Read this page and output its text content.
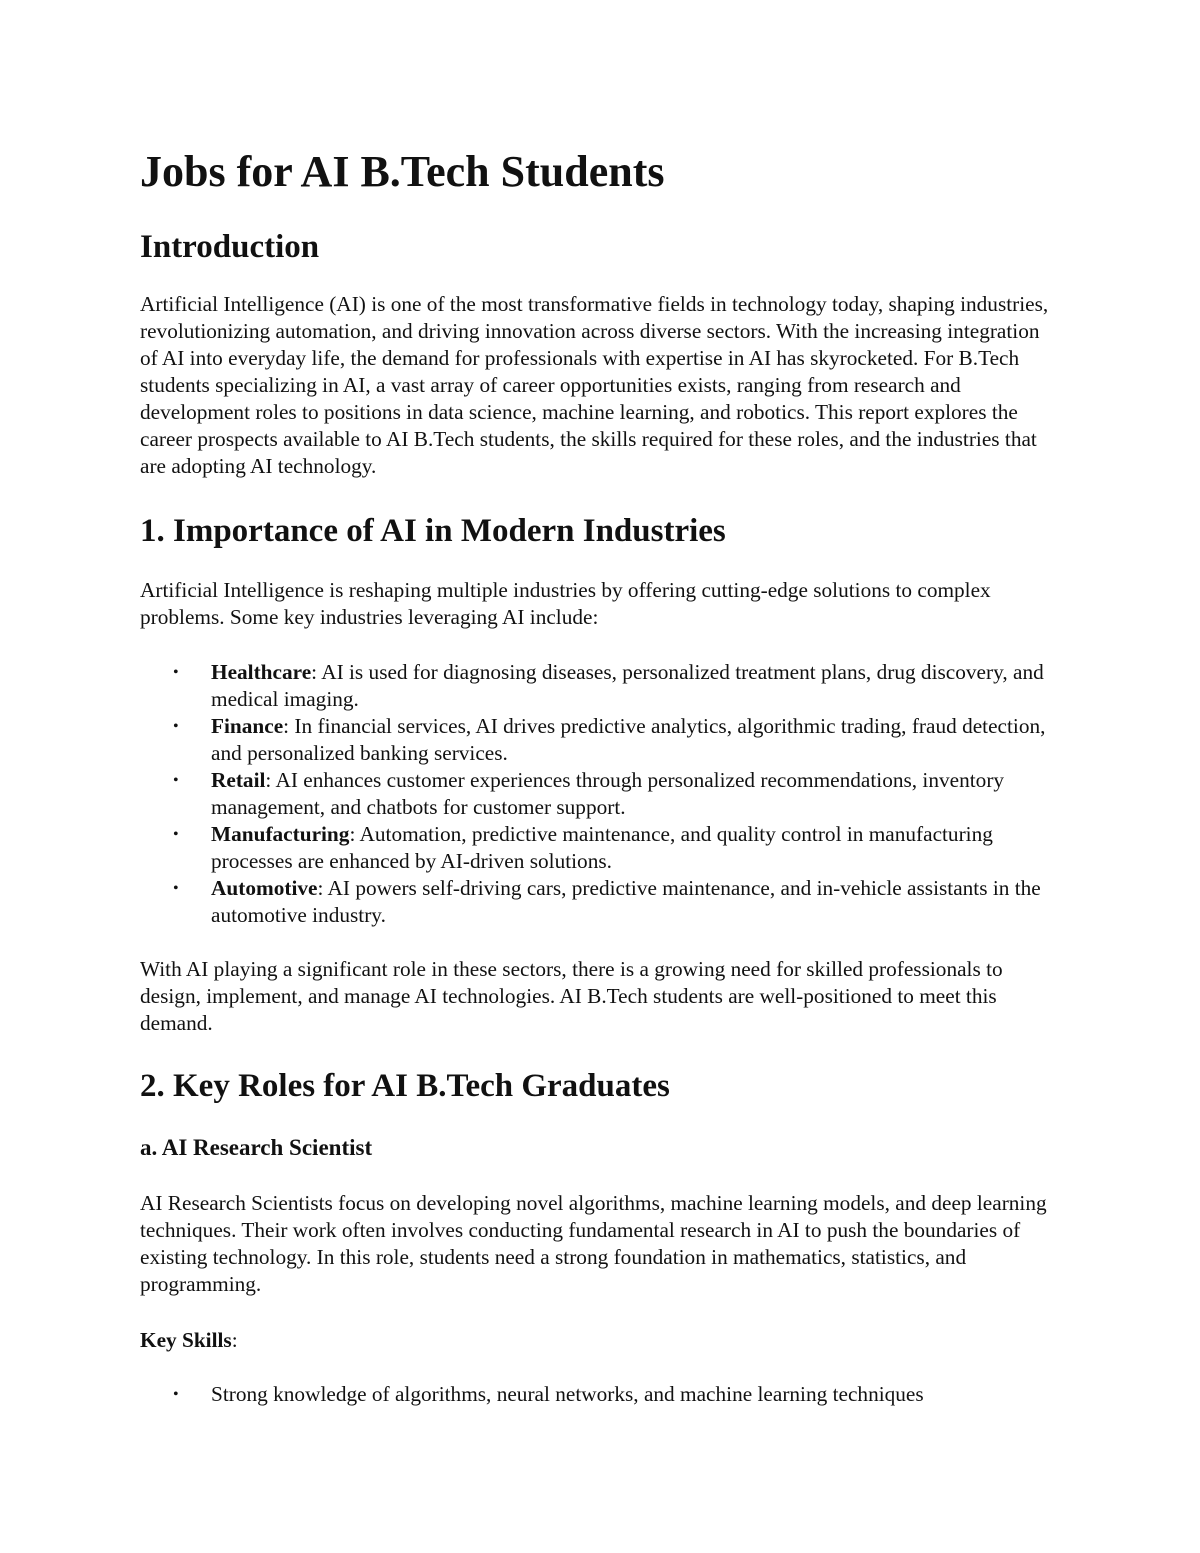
Jobs for AI B.Tech Students
Introduction

Artificial Intelligence (AI) is one of the most transformative fields in technology today, shaping industries, revolutionizing automation, and driving innovation across diverse sectors. With the increasing integration of AI into everyday life, the demand for professionals with expertise in AI has skyrocketed. For B.Tech students specializing in AI, a vast array of career opportunities exists, ranging from research and development roles to positions in data science, machine learning, and robotics. This report explores the career prospects available to AI B.Tech students, the skills required for these roles, and the industries that are adopting AI technology.

1. Importance of AI in Modern Industries

Artificial Intelligence is reshaping multiple industries by offering cutting-edge solutions to complex problems. Some key industries leveraging AI include:

• Healthcare: AI is used for diagnosing diseases, personalized treatment plans, drug discovery, and medical imaging.
• Finance: In financial services, AI drives predictive analytics, algorithmic trading, fraud detection, and personalized banking services.
• Retail: AI enhances customer experiences through personalized recommendations, inventory management, and chatbots for customer support.
• Manufacturing: Automation, predictive maintenance, and quality control in manufacturing processes are enhanced by AI-driven solutions.
• Automotive: AI powers self-driving cars, predictive maintenance, and in-vehicle assistants in the automotive industry.

With AI playing a significant role in these sectors, there is a growing need for skilled professionals to design, implement, and manage AI technologies. AI B.Tech students are well-positioned to meet this demand.

2. Key Roles for AI B.Tech Graduates
a. AI Research Scientist

AI Research Scientists focus on developing novel algorithms, machine learning models, and deep learning techniques. Their work often involves conducting fundamental research in AI to push the boundaries of existing technology. In this role, students need a strong foundation in mathematics, statistics, and programming.

Key Skills:

• Strong knowledge of algorithms, neural networks, and machine learning techniques
